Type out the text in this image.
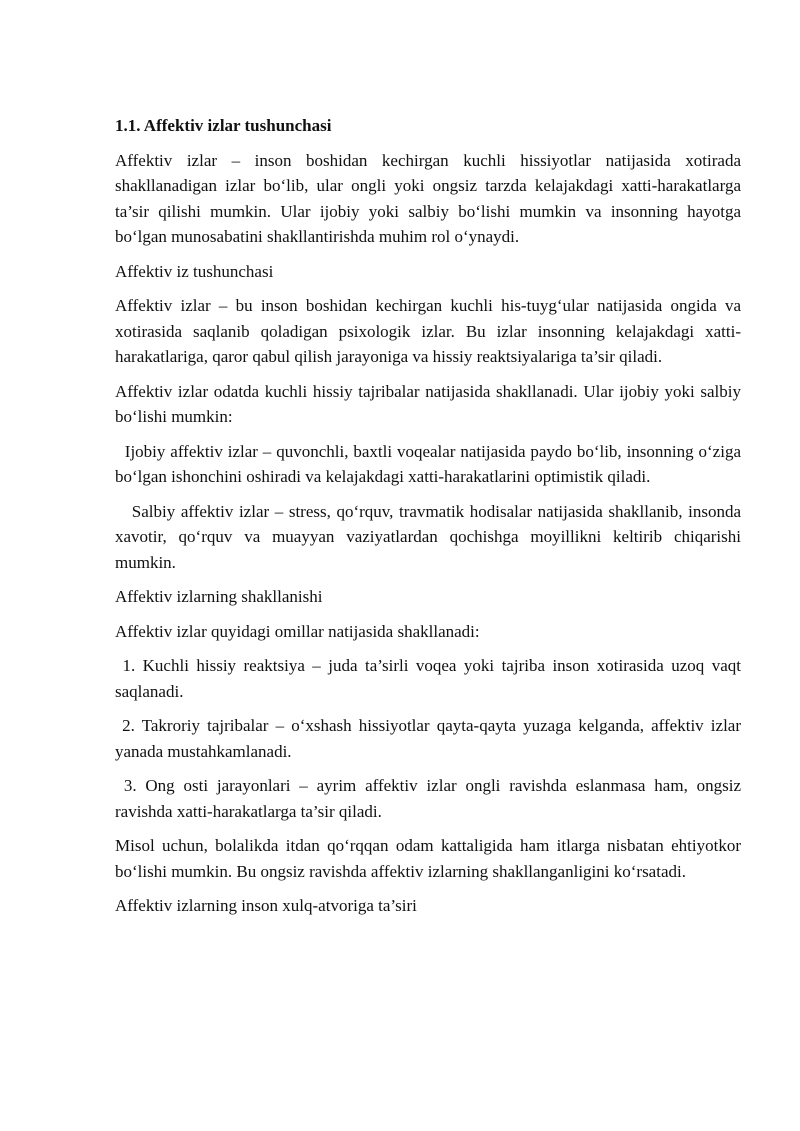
1.1. Affektiv izlar tushunchasi

Affektiv izlar – inson boshidan kechirgan kuchli hissiyotlar natijasida xotirada shakllanadigan izlar bo‘lib, ular ongli yoki ongsiz tarzda kelajakdagi xatti-harakatlarga ta’sir qilishi mumkin. Ular ijobiy yoki salbiy bo‘lishi mumkin va insonning hayotga bo‘lgan munosabatini shakllantirishda muhim rol o‘ynaydi.

Affektiv iz tushunchasi

Affektiv izlar – bu inson boshidan kechirgan kuchli his-tuyg‘ular natijasida ongida va xotirasida saqlanib qoladigan psixologik izlar. Bu izlar insonning kelajakdagi xatti-harakatlariga, qaror qabul qilish jarayoniga va hissiy reaktsiyalariga ta’sir qiladi.

Affektiv izlar odatda kuchli hissiy tajribalar natijasida shakllanadi. Ular ijobiy yoki salbiy bo‘lishi mumkin:

Ijobiy affektiv izlar – quvonchli, baxtli voqealar natijasida paydo bo‘lib, insonning o‘ziga bo‘lgan ishonchini oshiradi va kelajakdagi xatti-harakatlarini optimistik qiladi.

Salbiy affektiv izlar – stress, qo‘rquv, travmatik hodisalar natijasida shakllanib, insonda xavotir, qo‘rquv va muayyan vaziyatlardan qochishga moyillikni keltirib chiqarishi mumkin.

Affektiv izlarning shakllanishi

Affektiv izlar quyidagi omillar natijasida shakllanadi:

1. Kuchli hissiy reaktsiya – juda ta’sirli voqea yoki tajriba inson xotirasida uzoq vaqt saqlanadi.

2. Takroriy tajribalar – o‘xshash hissiyotlar qayta-qayta yuzaga kelganda, affektiv izlar yanada mustahkamlanadi.

3. Ong osti jarayonlari – ayrim affektiv izlar ongli ravishda eslanmasa ham, ongsiz ravishda xatti-harakatlarga ta’sir qiladi.

Misol uchun, bolalikda itdan qo‘rqqan odam kattaligida ham itlarga nisbatan ehtiyotkor bo‘lishi mumkin. Bu ongsiz ravishda affektiv izlarning shakllanganligini ko‘rsatadi.

Affektiv izlarning inson xulq-atvoriga ta’siri
